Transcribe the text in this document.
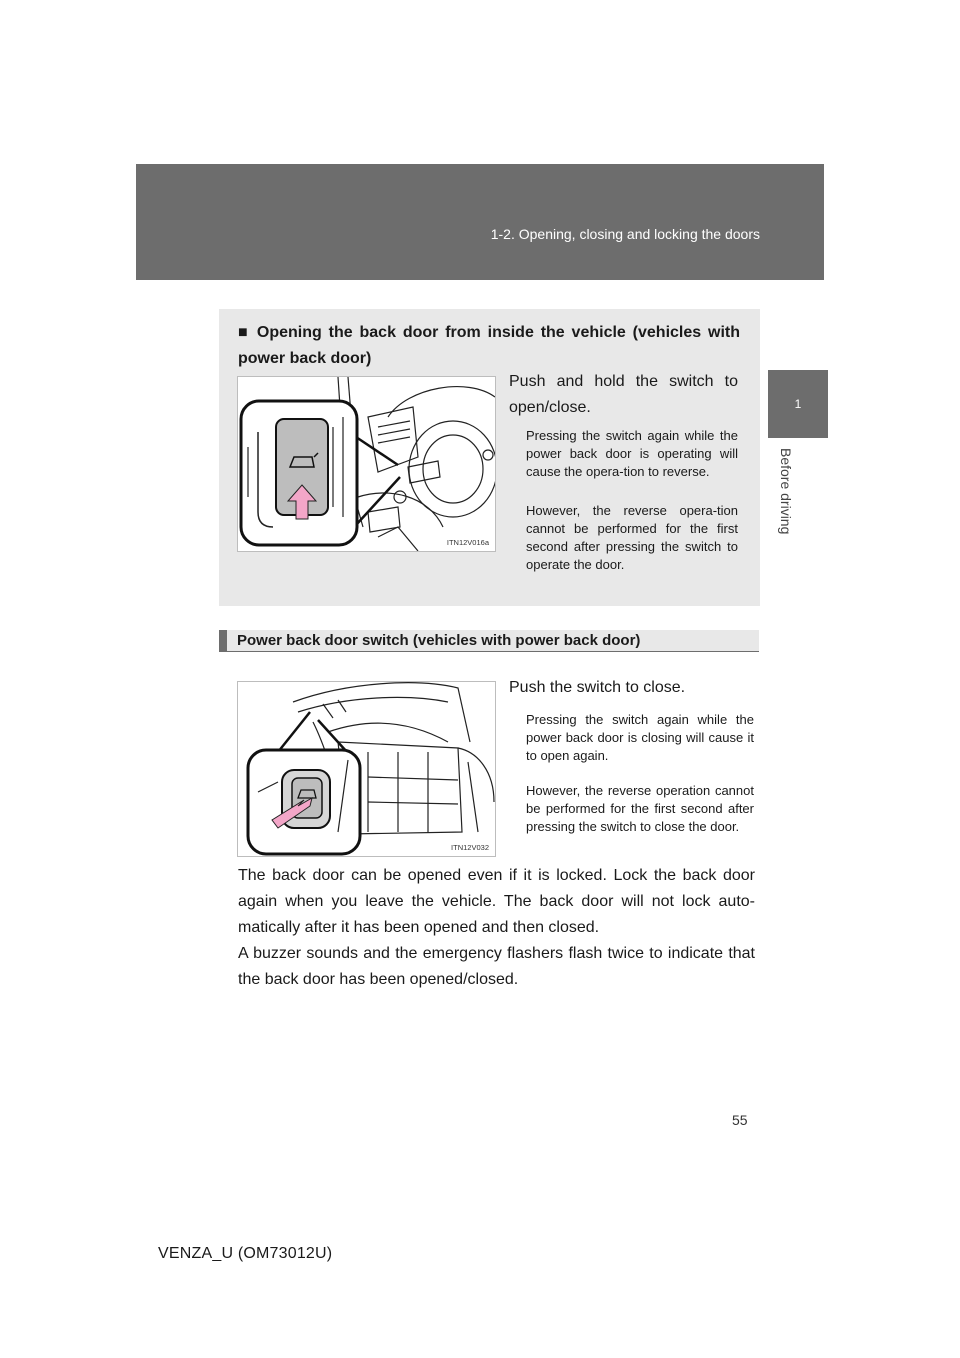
1-2. Opening, closing and locking the doors
1
Before driving
■ Opening the back door from inside the vehicle (vehicles with power back door)
ITN12V016a
Push and hold the switch to open/close.
Pressing the switch again while the power back door is operating will cause the opera-tion to reverse.
However, the reverse opera-tion cannot be performed for the first second after pressing the switch to operate the door.
Power back door switch (vehicles with power back door)
ITN12V032
Push the switch to close.
Pressing the switch again while the power back door is closing will cause it to open again.
However, the reverse operation cannot be performed for the first second after pressing the switch to close the door.
The back door can be opened even if it is locked. Lock the back door again when you leave the vehicle. The back door will not lock auto-matically after it has been opened and then closed.
A buzzer sounds and the emergency flashers flash twice to indicate that the back door has been opened/closed.
55
VENZA_U (OM73012U)
